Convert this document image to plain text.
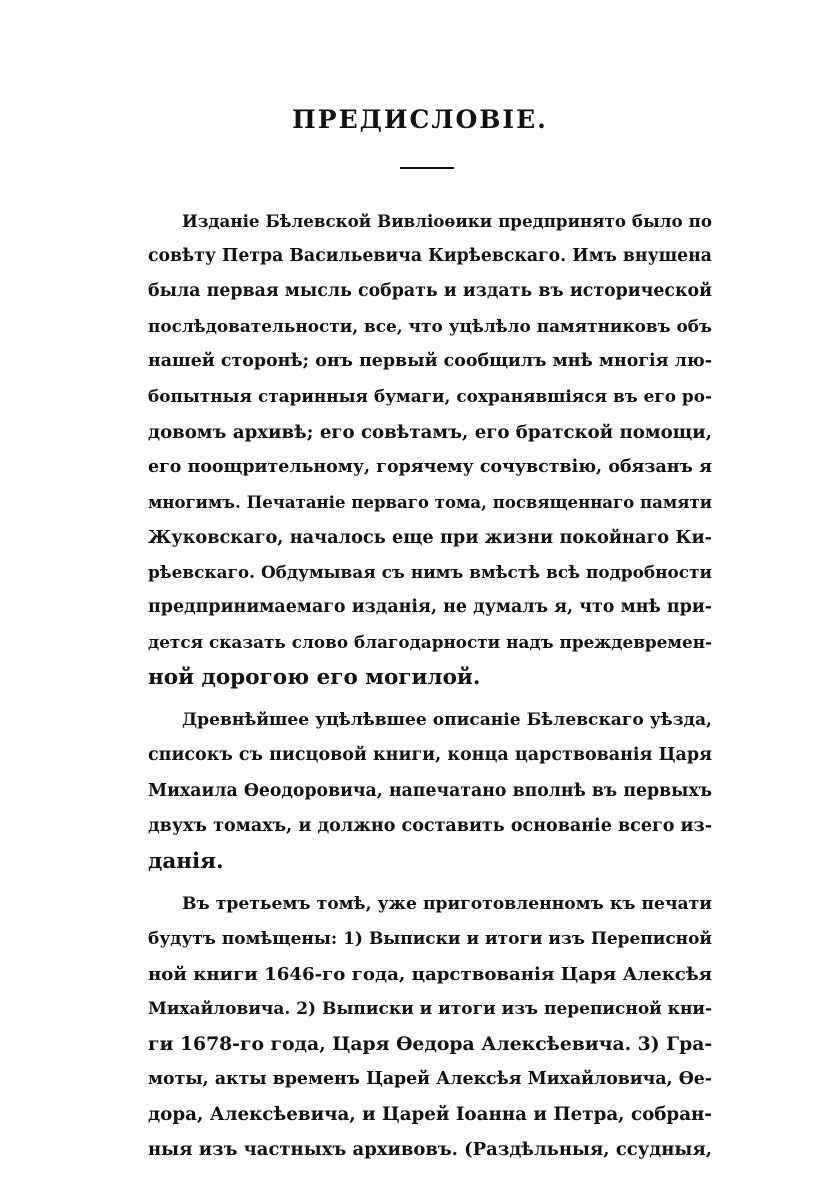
ПРЕДИСЛОВІЕ.

Изданіе Бѣлевской Вивліоѳики предпринято было по
совѣту Петра Васильевича Кирѣевскаго. Имъ внушена
была первая мысль собрать и издать въ исторической
послѣдовательности, все, что уцѣлѣло памятниковъ объ
нашей сторонѣ; онъ первый сообщилъ мнѣ многія лю-
бопытныя старинныя бумаги, сохранявшіяся въ его ро-
довомъ архивѣ; его совѣтамъ, его братской помощи,
его поощрительному, горячему сочувствію, обязанъ я
многимъ. Печатаніе перваго тома, посвященнаго памяти
Жуковскаго, началось еще при жизни покойнаго Ки-
рѣевскаго. Обдумывая съ нимъ вмѣстѣ всѣ подробности
предпринимаемаго изданія, не думалъ я, что мнѣ при-
дется сказать слово благодарности надъ преждевремен-
ной дорогою его могилой.

Древнѣйшее уцѣлѣвшее описаніе Бѣлевскаго уѣзда,
списокъ съ писцовой книги, конца царствованія Царя
Михаила Ѳеодоровича, напечатано вполнѣ въ первыхъ
двухъ томахъ, и должно составить основаніе всего из-
данія.

Въ третьемъ томѣ, уже приготовленномъ къ печати
будутъ помѣщены: 1) Выписки и итоги изъ Переписной
ной книги 1646-го года, царствованія Царя Алексѣя
Михайловича. 2) Выписки и итоги изъ переписной кни-
ги 1678-го года, Царя Ѳедора Алексѣевича. 3) Гра-
моты, акты временъ Царей Алексѣя Михайловича, Ѳе-
дора, Алексѣевича, и Царей Іоанна и Петра, собран-
ныя изъ частныхъ архивовъ. (Раздѣльныя, ссудныя,
